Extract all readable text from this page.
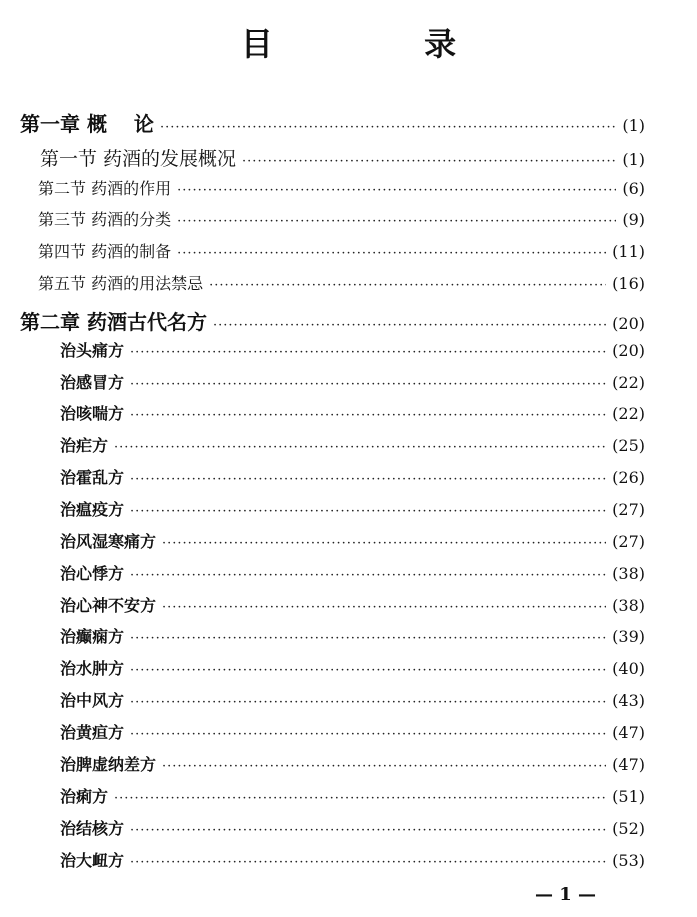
目 录
第一章 概　 论 ·····	(1)
第一节 药酒的发展概况 ·····	(1)
第二节 药酒的作用 ·····	(6)
第三节 药酒的分类 ·····	(9)
第四节 药酒的制备 ·····	(11)
第五节 药酒的用法禁忌 ·····	(16)
第二章 药酒古代名方 ·····	(20)
治头痛方 ·····	(20)
治感冒方 ·····	(22)
治咳喘方 ·····	(22)
治疟方 ·····	(25)
治霍乱方 ·····	(26)
治瘟疫方 ·····	(27)
治风湿寒痛方 ·····	(27)
治心悸方 ·····	(38)
治心神不安方 ·····	(38)
治癫痫方 ·····	(39)
治水肿方 ·····	(40)
治中风方 ·····	(43)
治黄疸方 ·····	(47)
治脾虚纳差方 ·····	(47)
治痢方 ·····	(51)
治结核方 ·····	(52)
治大衄方 ·····	(53)
— 1 —
